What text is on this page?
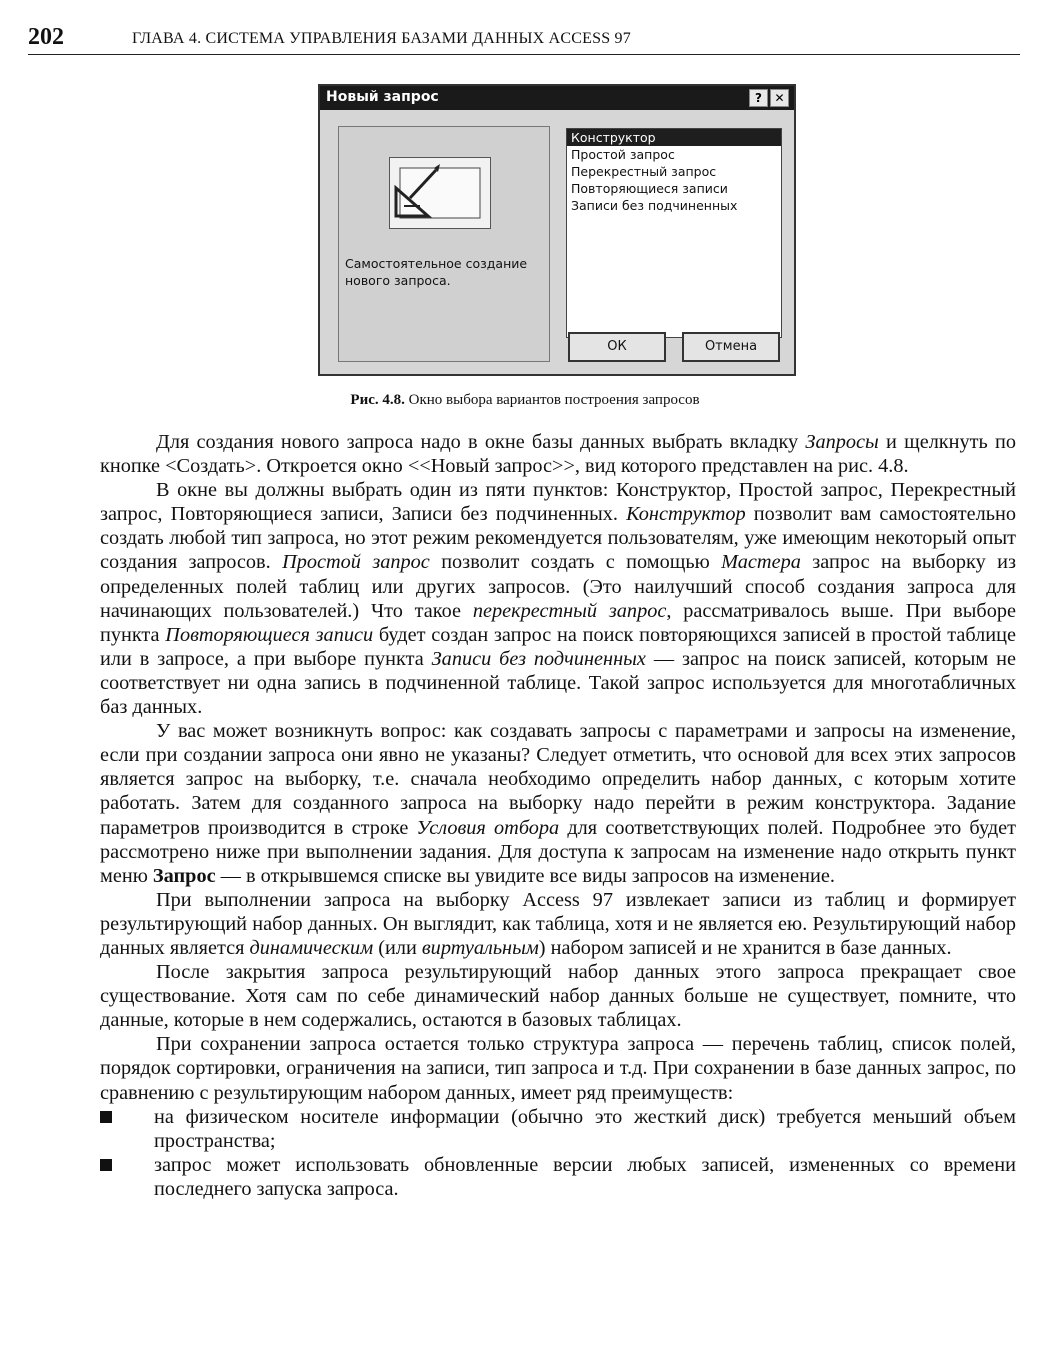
202	ГЛАВА 4. СИСТЕМА УПРАВЛЕНИЯ БАЗАМИ ДАННЫХ ACCESS 97
Новый запрос	?	✕
Самостоятельное создание нового запроса.
Конструктор
Простой запрос
Перекрестный запрос
Повторяющиеся записи
Записи без подчиненных
ОК	Отмена
Рис. 4.8. Окно выбора вариантов построения запросов

Для создания нового запроса надо в окне базы данных выбрать вкладку Запросы и щелкнуть по кнопке <Создать>. Откроется окно <<Новый запрос>>, вид которого представлен на рис. 4.8.

В окне вы должны выбрать один из пяти пунктов: Конструктор, Простой запрос, Перекрестный запрос, Повторяющиеся записи, Записи без подчиненных. Конструктор позволит вам самостоятельно создать любой тип запроса, но этот режим рекомендуется пользователям, уже имеющим некоторый опыт создания запросов. Простой запрос позволит создать с помощью Мастера запрос на выборку из определенных полей таблиц или других запросов. (Это наилучший способ создания запроса для начинающих пользователей.) Что такое перекрестный запрос, рассматривалось выше. При выборе пункта Повторяющиеся записи будет создан запрос на поиск повторяющихся записей в простой таблице или в запросе, а при выборе пункта Записи без подчиненных — запрос на поиск записей, которым не соответствует ни одна запись в подчиненной таблице. Такой запрос используется для многотабличных баз данных.

У вас может возникнуть вопрос: как создавать запросы с параметрами и запросы на изменение, если при создании запроса они явно не указаны? Следует отметить, что основой для всех этих запросов является запрос на выборку, т.е. сначала необходимо определить набор данных, с которым хотите работать. Затем для созданного запроса на выборку надо перейти в режим конструктора. Задание параметров производится в строке Условия отбора для соответствующих полей. Подробнее это будет рассмотрено ниже при выполнении задания. Для доступа к запросам на изменение надо открыть пункт меню Запрос — в открывшемся списке вы увидите все виды запросов на изменение.

При выполнении запроса на выборку Access 97 извлекает записи из таблиц и формирует результирующий набор данных. Он выглядит, как таблица, хотя и не является ею. Результирующий набор данных является динамическим (или виртуальным) набором записей и не хранится в базе данных.

После закрытия запроса результирующий набор данных этого запроса прекращает свое существование. Хотя сам по себе динамический набор данных больше не существует, помните, что данные, которые в нем содержались, остаются в базовых таблицах.

При сохранении запроса остается только структура запроса — перечень таблиц, список полей, порядок сортировки, ограничения на записи, тип запроса и т.д. При сохранении в базе данных запрос, по сравнению с результирующим набором данных, имеет ряд преимуществ:

на физическом носителе информации (обычно это жесткий диск) требуется меньший объем пространства;
запрос может использовать обновленные версии любых записей, измененных со времени последнего запуска запроса.
